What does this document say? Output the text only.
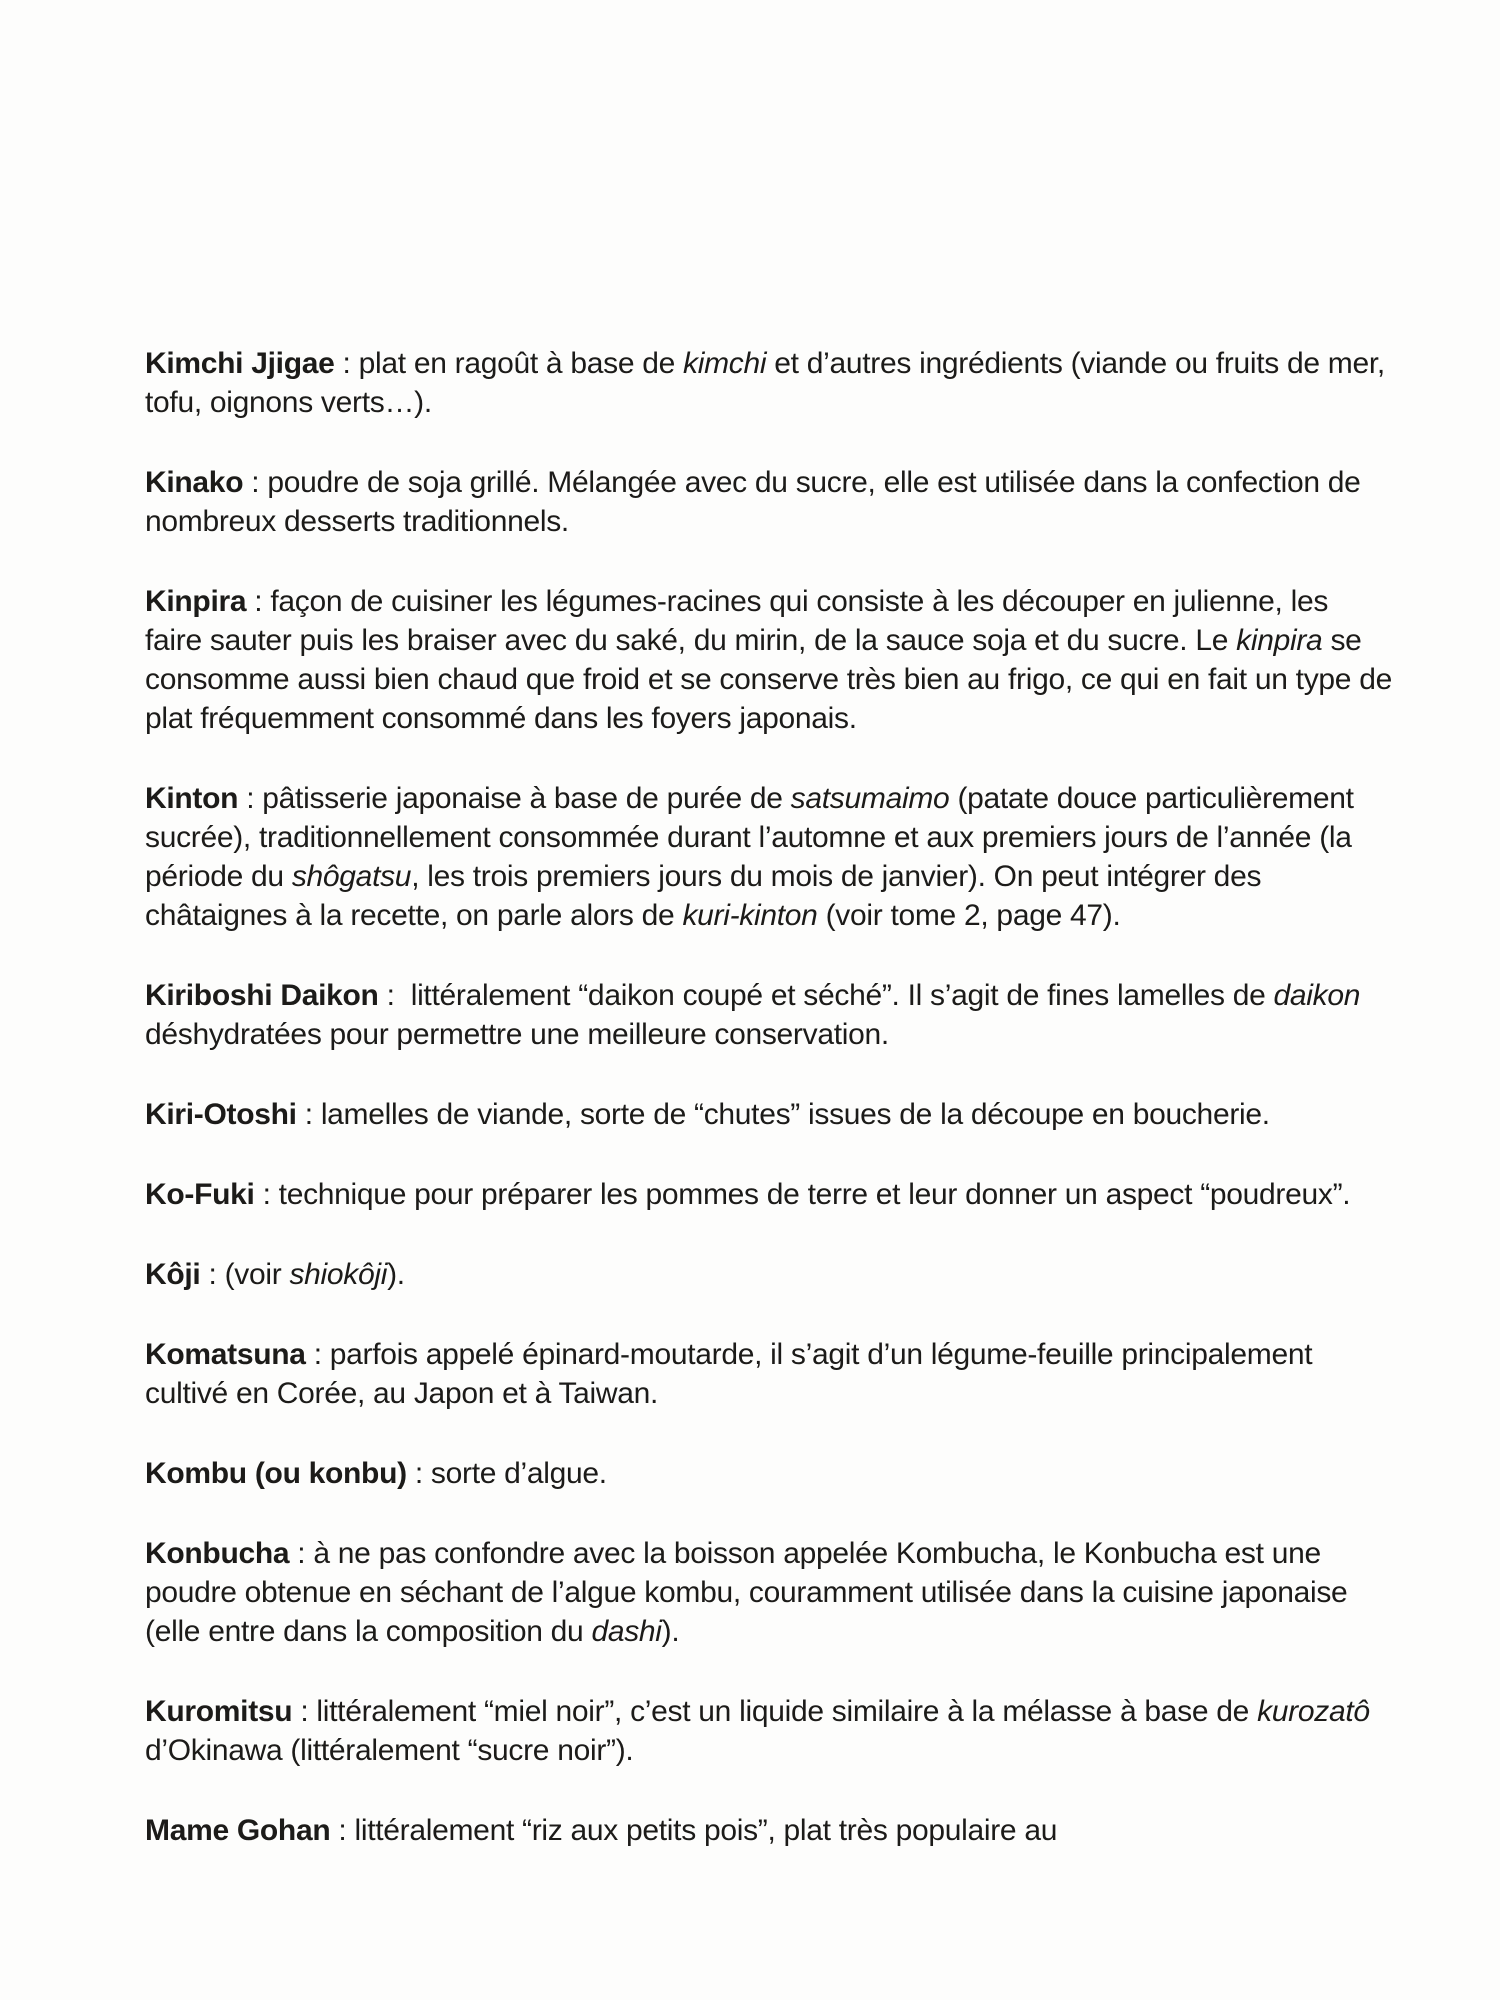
Kimchi Jjigae : plat en ragoût à base de kimchi et d’autres ingrédients (viande ou fruits de mer, tofu, oignons verts…).

Kinako : poudre de soja grillé. Mélangée avec du sucre, elle est utilisée dans la confection de nombreux desserts traditionnels.

Kinpira : façon de cuisiner les légumes-racines qui consiste à les découper en julienne, les faire sauter puis les braiser avec du saké, du mirin, de la sauce soja et du sucre. Le kinpira se consomme aussi bien chaud que froid et se conserve très bien au frigo, ce qui en fait un type de plat fréquemment consommé dans les foyers japonais.

Kinton : pâtisserie japonaise à base de purée de satsumaimo (patate douce particulièrement sucrée), traditionnellement consommée durant l’automne et aux premiers jours de l’année (la période du shôgatsu, les trois premiers jours du mois de janvier). On peut intégrer des châtaignes à la recette, on parle alors de kuri-kinton (voir tome 2, page 47).

Kiriboshi Daikon :  littéralement “daikon coupé et séché”. Il s’agit de fines lamelles de daikon déshydratées pour permettre une meilleure conservation.

Kiri-Otoshi : lamelles de viande, sorte de “chutes” issues de la découpe en boucherie.

Ko-Fuki : technique pour préparer les pommes de terre et leur donner un aspect “poudreux”.

Kôji : (voir shiokôji).

Komatsuna : parfois appelé épinard-moutarde, il s’agit d’un légume-feuille principalement cultivé en Corée, au Japon et à Taiwan.

Kombu (ou konbu) : sorte d’algue.

Konbucha : à ne pas confondre avec la boisson appelée Kombucha, le Konbucha est une poudre obtenue en séchant de l’algue kombu, couramment utilisée dans la cuisine japonaise (elle entre dans la composition du dashi).

Kuromitsu : littéralement “miel noir”, c’est un liquide similaire à la mélasse à base de kurozatô d’Okinawa (littéralement “sucre noir”).

Mame Gohan : littéralement “riz aux petits pois”, plat très populaire au
